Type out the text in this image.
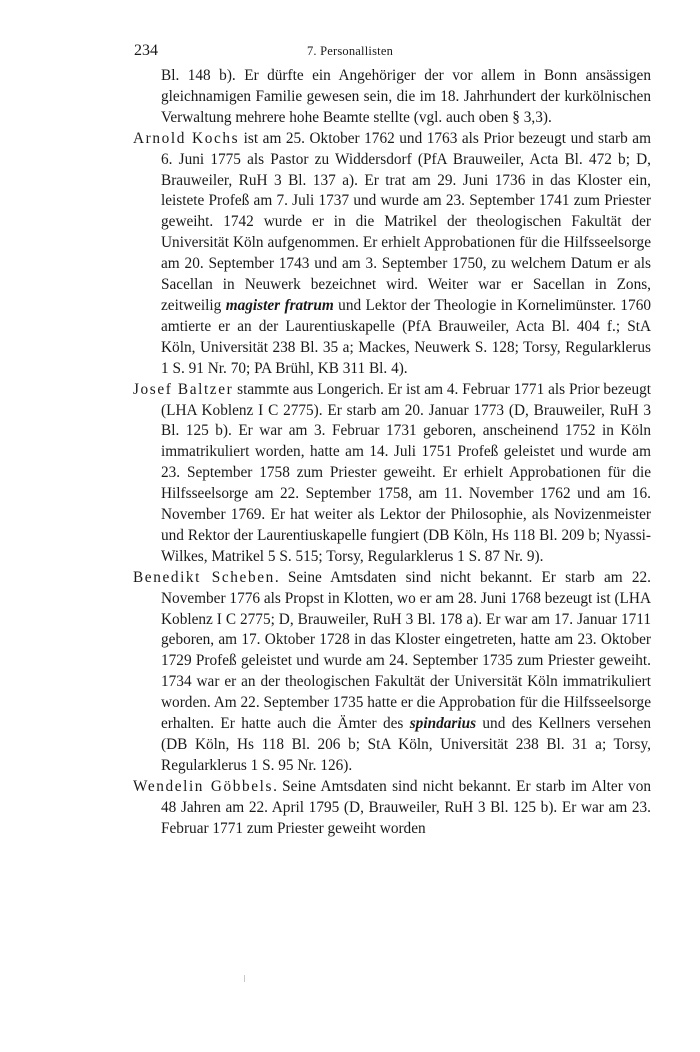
234	7. Personallisten

Bl. 148 b). Er dürfte ein Angehöriger der vor allem in Bonn ansässigen gleichnamigen Familie gewesen sein, die im 18. Jahrhundert der kurkölnischen Verwaltung mehrere hohe Beamte stellte (vgl. auch oben § 3,3).

Arnold Kochs ist am 25. Oktober 1762 und 1763 als Prior bezeugt und starb am 6. Juni 1775 als Pastor zu Widdersdorf (PfA Brauweiler, Acta Bl. 472 b; D, Brauweiler, RuH 3 Bl. 137 a). Er trat am 29. Juni 1736 in das Kloster ein, leistete Profeß am 7. Juli 1737 und wurde am 23. September 1741 zum Priester geweiht. 1742 wurde er in die Matrikel der theologischen Fakultät der Universität Köln aufgenommen. Er erhielt Approbationen für die Hilfsseelsorge am 20. September 1743 und am 3. September 1750, zu welchem Datum er als Sacellan in Neuwerk bezeichnet wird. Weiter war er Sacellan in Zons, zeitweilig magister fratrum und Lektor der Theologie in Kornelimünster. 1760 amtierte er an der Laurentiuskapelle (PfA Brauweiler, Acta Bl. 404 f.; StA Köln, Universität 238 Bl. 35 a; Mackes, Neuwerk S. 128; Torsy, Regularklerus 1 S. 91 Nr. 70; PA Brühl, KB 311 Bl. 4).

Josef Baltzer stammte aus Longerich. Er ist am 4. Februar 1771 als Prior bezeugt (LHA Koblenz I C 2775). Er starb am 20. Januar 1773 (D, Brauweiler, RuH 3 Bl. 125 b). Er war am 3. Februar 1731 geboren, anscheinend 1752 in Köln immatrikuliert worden, hatte am 14. Juli 1751 Profeß geleistet und wurde am 23. September 1758 zum Priester geweiht. Er erhielt Approbationen für die Hilfsseelsorge am 22. September 1758, am 11. November 1762 und am 16. November 1769. Er hat weiter als Lektor der Philosophie, als Novizenmeister und Rektor der Laurentiuskapelle fungiert (DB Köln, Hs 118 Bl. 209 b; Nyassi-Wilkes, Matrikel 5 S. 515; Torsy, Regularklerus 1 S. 87 Nr. 9).

Benedikt Scheben. Seine Amtsdaten sind nicht bekannt. Er starb am 22. November 1776 als Propst in Klotten, wo er am 28. Juni 1768 bezeugt ist (LHA Koblenz I C 2775; D, Brauweiler, RuH 3 Bl. 178 a). Er war am 17. Januar 1711 geboren, am 17. Oktober 1728 in das Kloster eingetreten, hatte am 23. Oktober 1729 Profeß geleistet und wurde am 24. September 1735 zum Priester geweiht. 1734 war er an der theologischen Fakultät der Universität Köln immatrikuliert worden. Am 22. September 1735 hatte er die Approbation für die Hilfsseelsorge erhalten. Er hatte auch die Ämter des spindarius und des Kellners versehen (DB Köln, Hs 118 Bl. 206 b; StA Köln, Universität 238 Bl. 31 a; Torsy, Regularklerus 1 S. 95 Nr. 126).

Wendelin Göbbels. Seine Amtsdaten sind nicht bekannt. Er starb im Alter von 48 Jahren am 22. April 1795 (D, Brauweiler, RuH 3 Bl. 125 b). Er war am 23. Februar 1771 zum Priester geweiht worden
